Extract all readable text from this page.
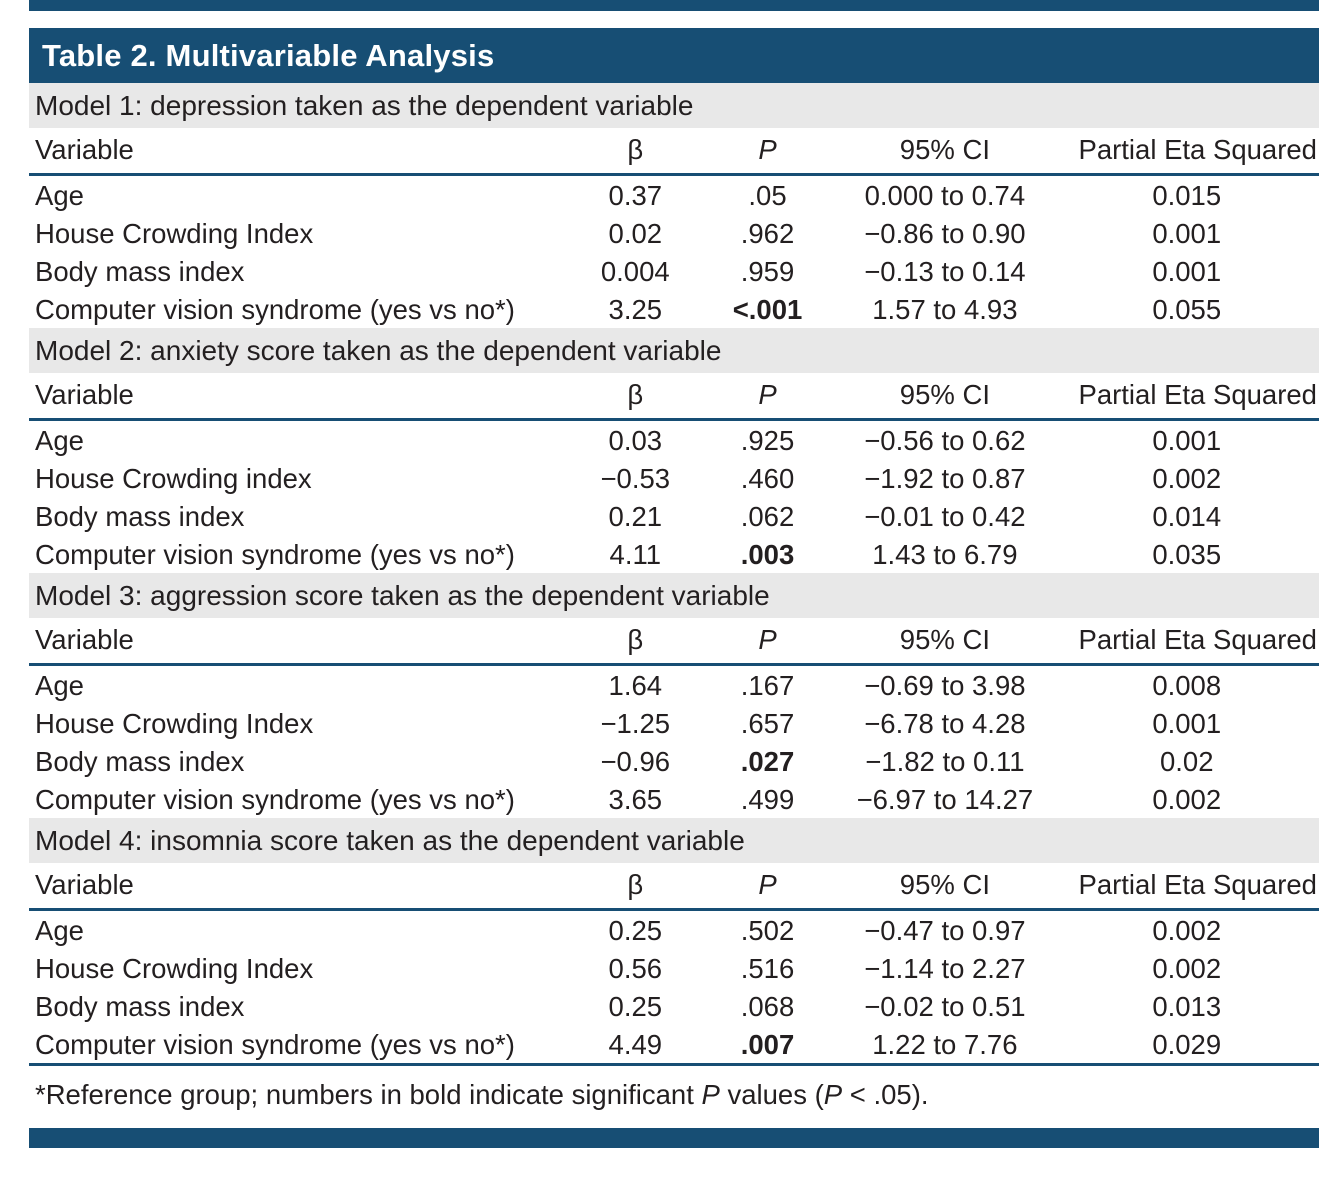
Table 2. Multivariable Analysis
Model 1: depression taken as the dependent variable
Variable	β	P	95% CI	Partial Eta Squared
Age	0.37	.05	0.000 to 0.74	0.015
House Crowding Index	0.02	.962	−0.86 to 0.90	0.001
Body mass index	0.004	.959	−0.13 to 0.14	0.001
Computer vision syndrome (yes vs no*)	3.25	<.001	1.57 to 4.93	0.055
Model 2: anxiety score taken as the dependent variable
Variable	β	P	95% CI	Partial Eta Squared
Age	0.03	.925	−0.56 to 0.62	0.001
House Crowding index	−0.53	.460	−1.92 to 0.87	0.002
Body mass index	0.21	.062	−0.01 to 0.42	0.014
Computer vision syndrome (yes vs no*)	4.11	.003	1.43 to 6.79	0.035
Model 3: aggression score taken as the dependent variable
Variable	β	P	95% CI	Partial Eta Squared
Age	1.64	.167	−0.69 to 3.98	0.008
House Crowding Index	−1.25	.657	−6.78 to 4.28	0.001
Body mass index	−0.96	.027	−1.82 to 0.11	0.02
Computer vision syndrome (yes vs no*)	3.65	.499	−6.97 to 14.27	0.002
Model 4: insomnia score taken as the dependent variable
Variable	β	P	95% CI	Partial Eta Squared
Age	0.25	.502	−0.47 to 0.97	0.002
House Crowding Index	0.56	.516	−1.14 to 2.27	0.002
Body mass index	0.25	.068	−0.02 to 0.51	0.013
Computer vision syndrome (yes vs no*)	4.49	.007	1.22 to 7.76	0.029
*Reference group; numbers in bold indicate significant P values (P < .05).
